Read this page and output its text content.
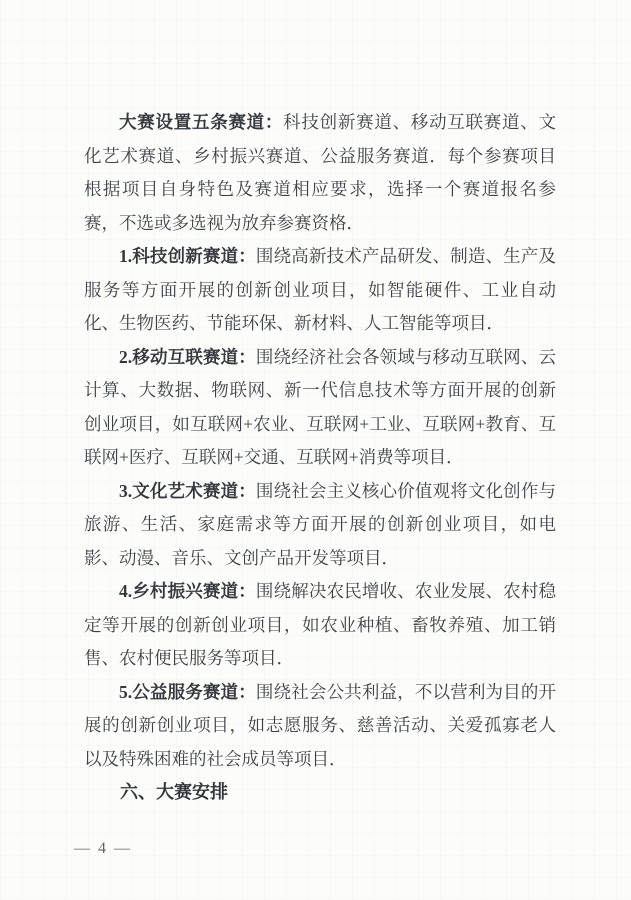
大赛设置五条赛道：科技创新赛道、移动互联赛道、文化艺术赛道、乡村振兴赛道、公益服务赛道．每个参赛项目根据项目自身特色及赛道相应要求，选择一个赛道报名参赛，不选或多选视为放弃参赛资格．

1.科技创新赛道：围绕高新技术产品研发、制造、生产及服务等方面开展的创新创业项目，如智能硬件、工业自动化、生物医药、节能环保、新材料、人工智能等项目．

2.移动互联赛道：围绕经济社会各领域与移动互联网、云计算、大数据、物联网、新一代信息技术等方面开展的创新创业项目，如互联网+农业、互联网+工业、互联网+教育、互联网+医疗、互联网+交通、互联网+消费等项目．

3.文化艺术赛道：围绕社会主义核心价值观将文化创作与旅游、生活、家庭需求等方面开展的创新创业项目，如电影、动漫、音乐、文创产品开发等项目．

4.乡村振兴赛道：围绕解决农民增收、农业发展、农村稳定等开展的创新创业项目，如农业种植、畜牧养殖、加工销售、农村便民服务等项目．

5.公益服务赛道：围绕社会公共利益，不以营利为目的开展的创新创业项目，如志愿服务、慈善活动、关爱孤寡老人以及特殊困难的社会成员等项目．

六、大赛安排

— 4 —
